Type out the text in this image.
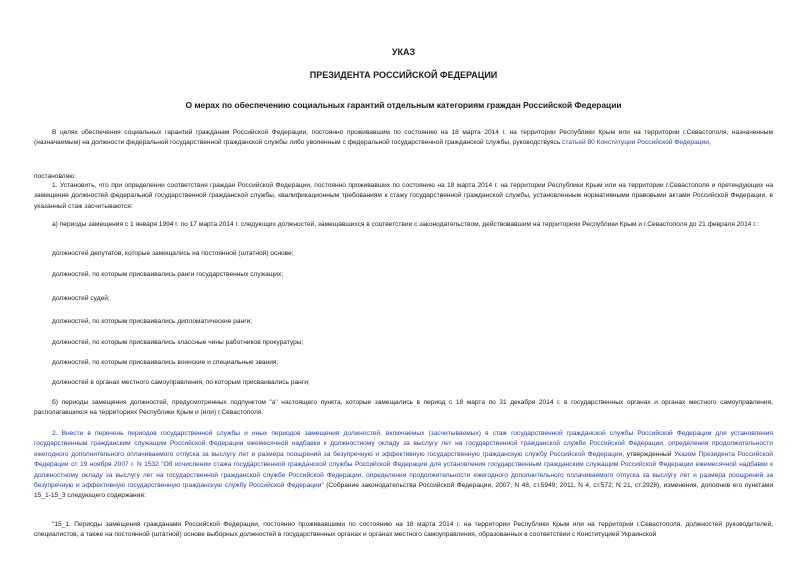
УКАЗ
ПРЕЗИДЕНТА РОССИЙСКОЙ ФЕДЕРАЦИИ
О мерах по обеспечению социальных гарантий отдельным категориям граждан Российской Федерации
В целях обеспечения социальных гарантий гражданам Российской Федерации, постоянно проживавшим по состоянию на 18 марта 2014 г. на территории Республики Крым или на территории г.Севастополя, назначенным (назначаемым) на должности федеральной государственной гражданской службы либо уволенным с федеральной государственной гражданской службы, руководствуясь статьей 80 Конституции Российской Федерации,
постановляю:
1. Установить, что при определении соответствия граждан Российской Федерации, постоянно проживавших по состоянию на 18 марта 2014 г. на территории Республики Крым или на территории г.Севастополя и претендующих на замещение должностей федеральной государственной гражданской службы, квалификационным требованиям к стажу государственной гражданской службы, установленным нормативными правовыми актами Российской Федерации, в указанный стаж засчитываются:
а) периоды замещения с 1 января 1994 г. по 17 марта 2014 г. следующих должностей, замещавшихся в соответствии с законодательством, действовавшим на территориях Республики Крым и г.Севастополя до 21 февраля 2014 г.:
должностей депутатов, которые замещались на постоянной (штатной) основе;
должностей, по которым присваивались ранги государственных служащих;
должностей судей;
должностей, по которым присваивались дипломатические ранги;
должностей, по которым присваивались классные чины работников прокуратуры;
должностей, по которым присваивались воинские и специальные звания;
должностей в органах местного самоуправления, по которым присваивались ранги;
б) периоды замещения должностей, предусмотренных подпунктом "а" настоящего пункта, которые замещались в период с 18 марта по 31 декабря 2014 г. в государственных органах и органах местного самоуправления, располагавшихся на территориях Республики Крым и (или) г.Севастополя.
2. Внести в перечень периодов государственной службы и иных периодов замещения должностей, включаемых (засчитываемых) в стаж государственной гражданской службы Российской Федерации для установления государственным гражданским служащим Российской Федерации ежемесячной надбавки к должностному окладу за выслугу лет на государственной гражданской службе Российской Федерации, определения продолжительности ежегодного дополнительного оплачиваемого отпуска за выслугу лет и размера поощрений за безупречную и эффективную государственную гражданскую службу Российской Федерации, утвержденный Указом Президента Российской Федерации от 19 ноября 2007 г. N 1532 "Об исчислении стажа государственной гражданской службы Российской Федерации для установления государственным гражданским служащим Российской Федерации ежемесячной надбавки к должностному окладу за выслугу лет на государственной гражданской службе Российской Федерации, определения продолжительности ежегодного дополнительного оплачиваемого отпуска за выслугу лет и размера поощрений за безупречную и эффективную государственную гражданскую службу Российской Федерации" (Собрание законодательства Российской Федерации, 2007, N 48, ст.5949; 2011, N 4, ст.572; N 21, ст.2928), изменения, дополнив его пунктами 15_1-15_3 следующего содержания:
"15_1. Периоды замещения гражданами Российской Федерации, постоянно проживавшими по состоянию на 18 марта 2014 г. на территории Республики Крым или на территории г.Севастополя, должностей руководителей, специалистов, а также на постоянной (штатной) основе выборных должностей в государственных органах и органах местного самоуправления, образованных в соответствии с Конституцией Украинской
